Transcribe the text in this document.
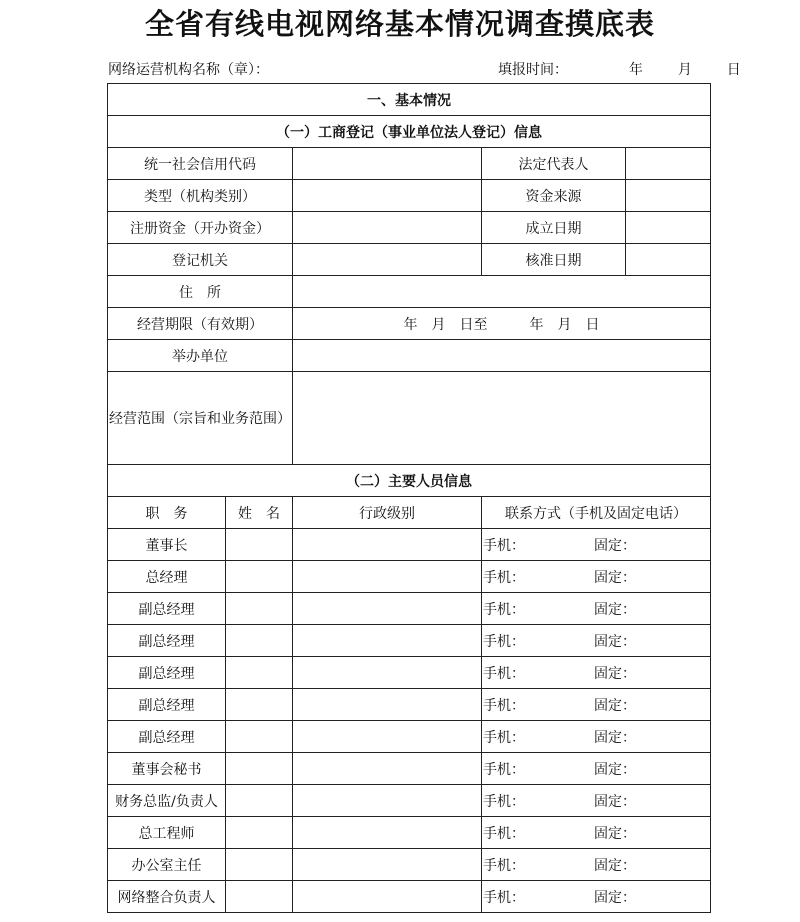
全省有线电视网络基本情况调查摸底表
网络运营机构名称（章）：	填报时间：	年 月 日
一、基本情况				
（一）工商登记（事业单位法人登记）信息				
统一社会信用代码			法定代表人	
类型（机构类别）			资金来源	
注册资金（开办资金）			成立日期	
登记机关			核准日期	
住　所				
经营期限（有效期）		年　月　日至　　　年　月　日		
举办单位				
经营范围（宗旨和业务范围）				
（二）主要人员信息				
职　务	姓　名	行政级别	联系方式（手机及固定电话）	
董事长			手机： 固定：	

总经理			手机： 固定：	

副总经理			手机： 固定：	

副总经理			手机： 固定：	

副总经理			手机： 固定：	

副总经理			手机： 固定：	

副总经理			手机： 固定：	

董事会秘书			手机： 固定：	

财务总监/负责人			手机： 固定：	

总工程师			手机： 固定：	

办公室主任			手机： 固定：	

网络整合负责人			手机： 固定：	
